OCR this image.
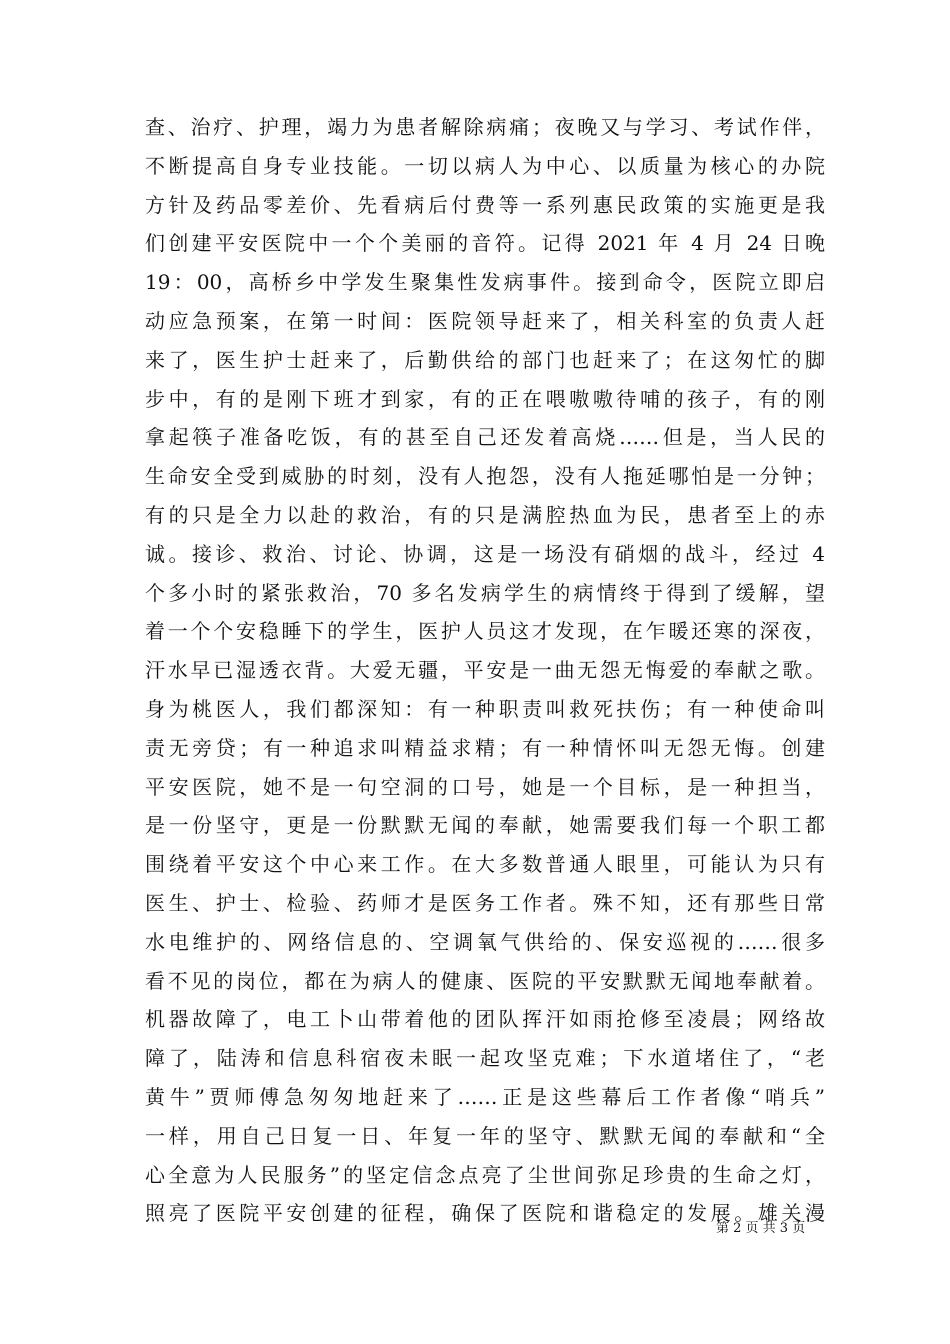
查、治疗、护理，竭力为患者解除病痛；夜晚又与学习、考试作伴，
不断提高自身专业技能。一切以病人为中心、以质量为核心的办院
方针及药品零差价、先看病后付费等一系列惠民政策的实施更是我
们创建平安医院中一个个美丽的音符。记得 2021 年 4 月 24 日晚
19：00，高桥乡中学发生聚集性发病事件。接到命令，医院立即启
动应急预案，在第一时间：医院领导赶来了，相关科室的负责人赶
来了，医生护士赶来了，后勤供给的部门也赶来了；在这匆忙的脚
步中，有的是刚下班才到家，有的正在喂嗷嗷待哺的孩子，有的刚
拿起筷子准备吃饭，有的甚至自己还发着高烧……但是，当人民的
生命安全受到威胁的时刻，没有人抱怨，没有人拖延哪怕是一分钟；
有的只是全力以赴的救治，有的只是满腔热血为民，患者至上的赤
诚。接诊、救治、讨论、协调，这是一场没有硝烟的战斗，经过 4
个多小时的紧张救治，70 多名发病学生的病情终于得到了缓解，望
着一个个安稳睡下的学生，医护人员这才发现，在乍暖还寒的深夜，
汗水早已湿透衣背。大爱无疆，平安是一曲无怨无悔爱的奉献之歌。
身为桃医人，我们都深知：有一种职责叫救死扶伤；有一种使命叫
责无旁贷；有一种追求叫精益求精；有一种情怀叫无怨无悔。创建
平安医院，她不是一句空洞的口号，她是一个目标，是一种担当，
是一份坚守，更是一份默默无闻的奉献，她需要我们每一个职工都
围绕着平安这个中心来工作。在大多数普通人眼里，可能认为只有
医生、护士、检验、药师才是医务工作者。殊不知，还有那些日常
水电维护的、网络信息的、空调氧气供给的、保安巡视的……很多
看不见的岗位，都在为病人的健康、医院的平安默默无闻地奉献着。
机器故障了，电工卜山带着他的团队挥汗如雨抢修至凌晨；网络故
障了，陆涛和信息科宿夜未眠一起攻坚克难；下水道堵住了，“老
黄牛”贾师傅急匆匆地赶来了……正是这些幕后工作者像“哨兵”
一样，用自己日复一日、年复一年的坚守、默默无闻的奉献和“全
心全意为人民服务”的坚定信念点亮了尘世间弥足珍贵的生命之灯，
照亮了医院平安创建的征程，确保了医院和谐稳定的发展。雄关漫
第 2 页 共 3 页
